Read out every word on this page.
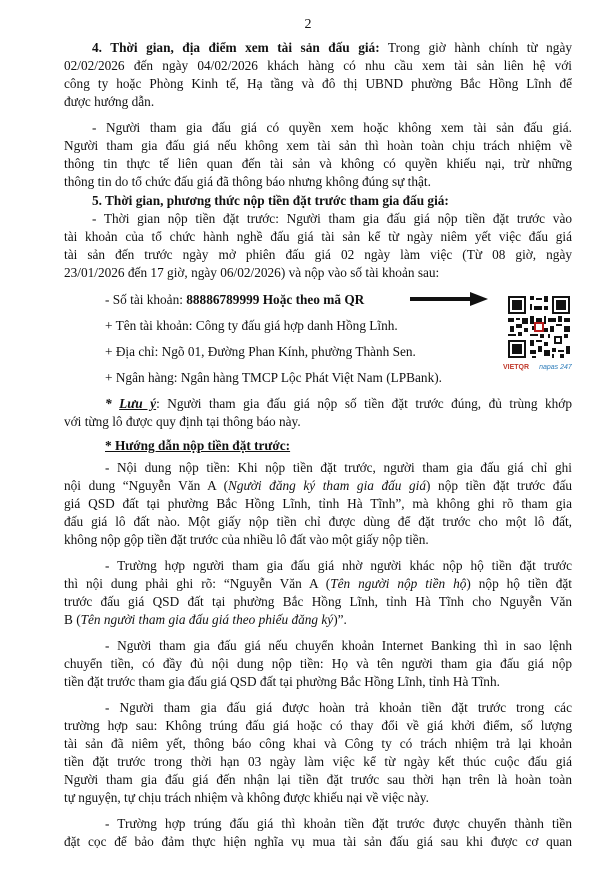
2
4. Thời gian, địa điểm xem tài sản đấu giá: Trong giờ hành chính từ ngày
02/02/2026 đến ngày 04/02/2026 khách hàng có nhu cầu xem tài sản liên hệ với
công ty hoặc Phòng Kinh tế, Hạ tầng và đô thị UBND phường Bắc Hồng Lĩnh để
được hướng dẫn.
- Người tham gia đấu giá có quyền xem hoặc không xem tài sản đấu giá.
Người tham gia đấu giá nếu không xem tài sản thì hoàn toàn chịu trách nhiệm về
thông tin thực tế liên quan đến tài sản và không có quyền khiếu nại, trừ những
thông tin do tổ chức đấu giá đã thông báo nhưng không đúng sự thật.
5. Thời gian, phương thức nộp tiền đặt trước tham gia đấu giá:
- Thời gian nộp tiền đặt trước: Người tham gia đấu giá nộp tiền đặt trước vào
tài khoản của tổ chức hành nghề đấu giá tài sản kể từ ngày niêm yết việc đấu giá
tài sản đến trước ngày mở phiên đấu giá 02 ngày làm việc (Từ 08 giờ, ngày
23/01/2026 đến 17 giờ, ngày 06/02/2026) và nộp vào số tài khoản sau:
- Số tài khoản: 88886789999 Hoặc theo mã QR
+ Tên tài khoản: Công ty đấu giá hợp danh Hồng Lĩnh.
+ Địa chỉ: Ngõ 01, Đường Phan Kính, phường Thành Sen.
+ Ngân hàng: Ngân hàng TMCP Lộc Phát Việt Nam (LPBank).
VIETQR napas 247
* Lưu ý: Người tham gia đấu giá nộp số tiền đặt trước đúng, đủ trùng khớp
với từng lô được quy định tại thông báo này.
* Hướng dẫn nộp tiền đặt trước:
- Nội dung nộp tiền: Khi nộp tiền đặt trước, người tham gia đấu giá chỉ ghi
nội dung “Nguyễn Văn A (Người đăng ký tham gia đấu giá) nộp tiền đặt trước đấu
giá QSD đất tại phường Bắc Hồng Lĩnh, tỉnh Hà Tĩnh”, mà không ghi rõ tham gia
đấu giá lô đất nào. Một giấy nộp tiền chỉ được dùng để đặt trước cho một lô đất,
không nộp gộp tiền đặt trước của nhiều lô đất vào một giấy nộp tiền.
- Trường hợp người tham gia đấu giá nhờ người khác nộp hộ tiền đặt trước
thì nội dung phải ghi rõ: “Nguyễn Văn A (Tên người nộp tiền hộ) nộp hộ tiền đặt
trước đấu giá QSD đất tại phường Bắc Hồng Lĩnh, tỉnh Hà Tĩnh cho Nguyễn Văn
B (Tên người tham gia đấu giá theo phiếu đăng ký)”.
- Người tham gia đấu giá nếu chuyển khoản Internet Banking thì in sao lệnh
chuyển tiền, có đầy đủ nội dung nộp tiền: Họ và tên người tham gia đấu giá nộp
tiền đặt trước tham gia đấu giá QSD đất tại phường Bắc Hồng Lĩnh, tỉnh Hà Tĩnh.
- Người tham gia đấu giá được hoàn trả khoản tiền đặt trước trong các
trường hợp sau: Không trúng đấu giá hoặc có thay đổi về giá khởi điểm, số lượng
tài sản đã niêm yết, thông báo công khai và Công ty có trách nhiệm trả lại khoản
tiền đặt trước trong thời hạn 03 ngày làm việc kể từ ngày kết thúc cuộc đấu giá
Người tham gia đấu giá đến nhận lại tiền đặt trước sau thời hạn trên là hoàn toàn
tự nguyện, tự chịu trách nhiệm và không được khiếu nại về việc này.
- Trường hợp trúng đấu giá thì khoản tiền đặt trước được chuyển thành tiền
đặt cọc để bảo đảm thực hiện nghĩa vụ mua tài sản đấu giá sau khi được cơ quan
